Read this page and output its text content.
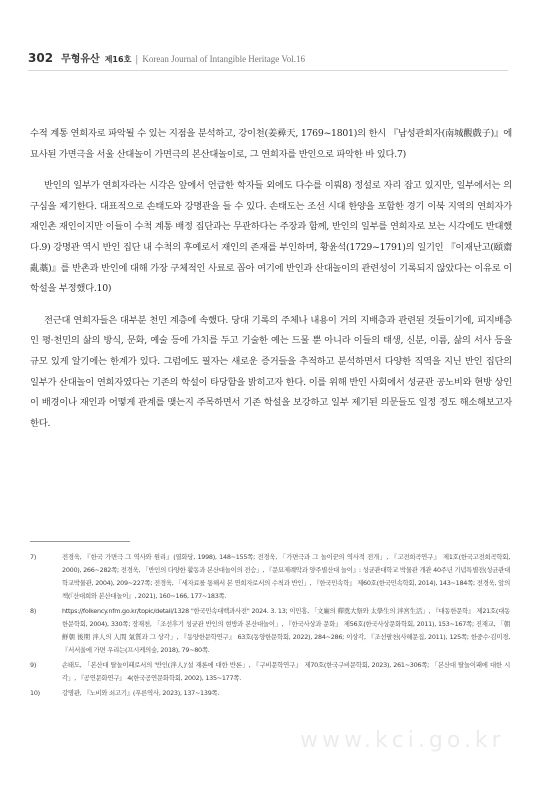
302 무형유산 제16호 | Korean Journal of Intangible Heritage Vol.16

수적 계통 연희자로 파악될 수 있는 지점을 분석하고, 강이천(姜彛天, 1769~1801)의 한시 『남성관희자(南城觀戲子)』에 묘사된 가면극을 서울 산대놀이 가면극의 본산대놀이로, 그 연희자를 반인으로 파악한 바 있다.7)

반인의 일부가 연희자라는 시각은 앞에서 언급한 학자들 외에도 다수를 이뤄8) 정설로 자리 잡고 있지만, 일부에서는 의구심을 제기한다. 대표적으로 손태도와 강명관을 들 수 있다. 손태도는 조선 시대 한양을 포함한 경기 이북 지역의 연희자가 재인촌 재인이지만 이들이 수척 계통 배정 집단과는 무관하다는 주장과 함께, 반인의 일부를 연희자로 보는 시각에도 반대했다.9) 강명관 역시 반인 집단 내 수척의 후예로서 재인의 존재를 부인하며, 황윤석(1729~1791)의 일기인 『이재난고(頤齋亂藁)』를 반촌과 반인에 대해 가장 구체적인 사료로 꼽아 여기에 반인과 산대놀이의 관련성이 기록되지 않았다는 이유로 이 학설을 부정했다.10)

전근대 연희자들은 대부분 천민 계층에 속했다. 당대 기록의 주체나 내용이 거의 지배층과 관련된 것들이기에, 피지배층인 평·천민의 삶의 방식, 문화, 예술 등에 가치를 두고 기술한 예는 드물 뿐 아니라 이들의 태생, 신분, 이름, 삶의 서사 등을 규모 있게 알기에는 한계가 있다. 그럼에도 필자는 새로운 증거들을 추적하고 분석하면서 다양한 직역을 지닌 반인 집단의 일부가 산대놀이 연희자였다는 기존의 학설이 타당함을 밝히고자 한다. 이를 위해 반인 사회에서 성균관 공노비와 현방 상인이 배경이나 재인과 어떻게 관계를 맺는지 주목하면서 기존 학설을 보강하고 일부 제기된 의문들도 일정 정도 해소해보고자 한다.

7)	전경욱, 『한국 가면극 그 역사와 원리』(열화당, 1998), 148~155쪽; 전경욱, 「가면극과 그 놀이꾼의 역사적 전개」, 『고전희곡연구』 제1호(한국고전희곡학회, 2000), 266~282쪽; 전경욱, 「반인의 다양한 활동과 본산대놀이의 전승」, 『문묘제례악과 양주별산대 놀이』: 성균관대학교 박물관 개관 40주년 기념특별전(성균관대학교박물관, 2004), 209~227쪽; 전경욱, 「세자료를 통해서 본 연희자로서의 수척과 반인」, 『한국민속학』 제60호(한국민속학회, 2014), 143~184쪽; 전경욱, 앞의 책(『산대희와 본산대놀이』, 2021), 160~166, 177~183쪽.
8)	https://folkency.nfm.go.kr/topic/detail/1328 "한국민속대백과사전" 2024. 3. 13; 이민홍, 「文廟의 釋奠大祭와 太學生의 泮宮生活」, 『대동한문학』 제21호(대동한문학회, 2004), 330쪽; 장재천, 「조선후기 성균관 반인의 현방과 본산대놀이」, 『한국사상과 문화』 제56호(한국사상문화학회, 2011), 153~167쪽; 진재교, 「朝鮮朝 後期 泮人의 人間 氣質과 그 상각」, 『동양한문학연구』 63호(동양한문학회, 2022), 284~286; 이상각, 『조선팔천(사해문집, 2011), 125쪽; 한중수·김미경, 『서서울에 가면 우리는(프시케의숲, 2018), 79~80쪽.
9)	손태도, 「본산대 탈놀이패로서의 '반인(泮人)'설 재론에 대한 반론」, 『구비문학연구』 제70호(한국구비문학회, 2023), 261~306쪽; 「본산대 탈놀이패에 대한 시각」, 『공연문화연구』 4(한국공연문화학회, 2002), 135~177쪽.
10)	강명관, 『노비와 쇠고기』(푸른역사, 2023), 137~139쪽.
www.kci.go.kr
